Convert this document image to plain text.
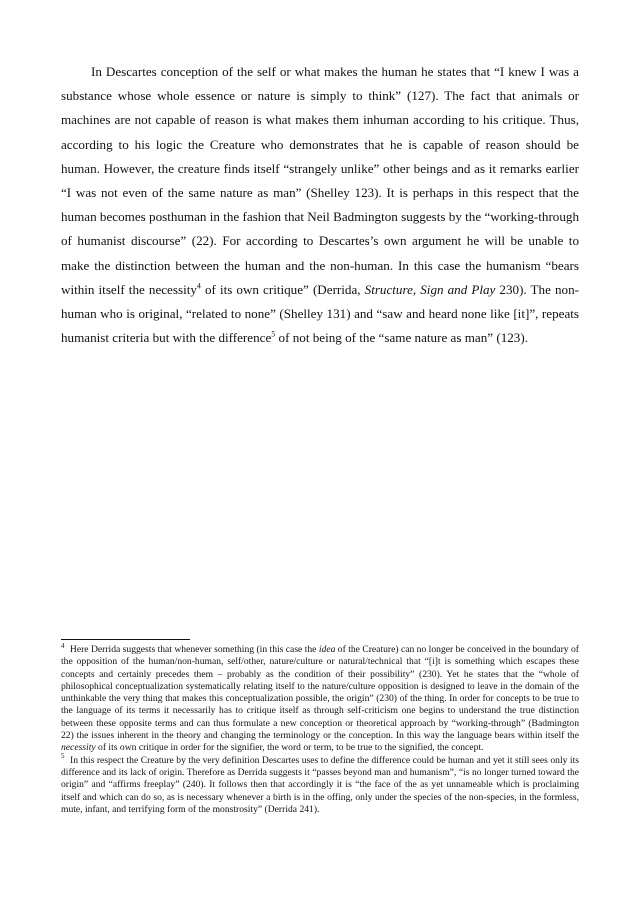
In Descartes conception of the self or what makes the human he states that “I knew I was a substance whose whole essence or nature is simply to think” (127). The fact that animals or machines are not capable of reason is what makes them inhuman according to his critique. Thus, according to his logic the Creature who demonstrates that he is capable of reason should be human. However, the creature finds itself “strangely unlike” other beings and as it remarks earlier “I was not even of the same nature as man” (Shelley 123). It is perhaps in this respect that the human becomes posthuman in the fashion that Neil Badmington suggests by the “working-through of humanist discourse” (22). For according to Descartes’s own argument he will be unable to make the distinction between the human and the non-human. In this case the humanism “bears within itself the necessity$^4$ of its own critique” (Derrida, Structure, Sign and Play 230). The non-human who is original, “related to none” (Shelley 131) and “saw and heard none like [it]”, repeats humanist criteria but with the difference$^5$ of not being of the “same nature as man” (123).

$^4$ Here Derrida suggests that whenever something (in this case the idea of the Creature) can no longer be conceived in the boundary of the opposition of the human/non-human, self/other, nature/culture or natural/technical that “[i]t is something which escapes these concepts and certainly precedes them – probably as the condition of their possibility” (230). Yet he states that the “whole of philosophical conceptualization systematically relating itself to the nature/culture opposition is designed to leave in the domain of the unthinkable the very thing that makes this conceptualization possible, the origin” (230) of the thing. In order for concepts to be true to the language of its terms it necessarily has to critique itself as through self-criticism one begins to understand the true distinction between these opposite terms and can thus formulate a new conception or theoretical approach by “working-through” (Badmington 22) the issues inherent in the theory and changing the terminology or the conception. In this way the language bears within itself the necessity of its own critique in order for the signifier, the word or term, to be true to the signified, the concept.

$^5$ In this respect the Creature by the very definition Descartes uses to define the difference could be human and yet it still sees only its difference and its lack of origin. Therefore as Derrida suggests it “passes beyond man and humanism”, “is no longer turned toward the origin” and “affirms freeplay” (240). It follows then that accordingly it is “the face of the as yet unnameable which is proclaiming itself and which can do so, as is necessary whenever a birth is in the offing, only under the species of the non-species, in the formless, mute, infant, and terrifying form of the monstrosity” (Derrida 241).
